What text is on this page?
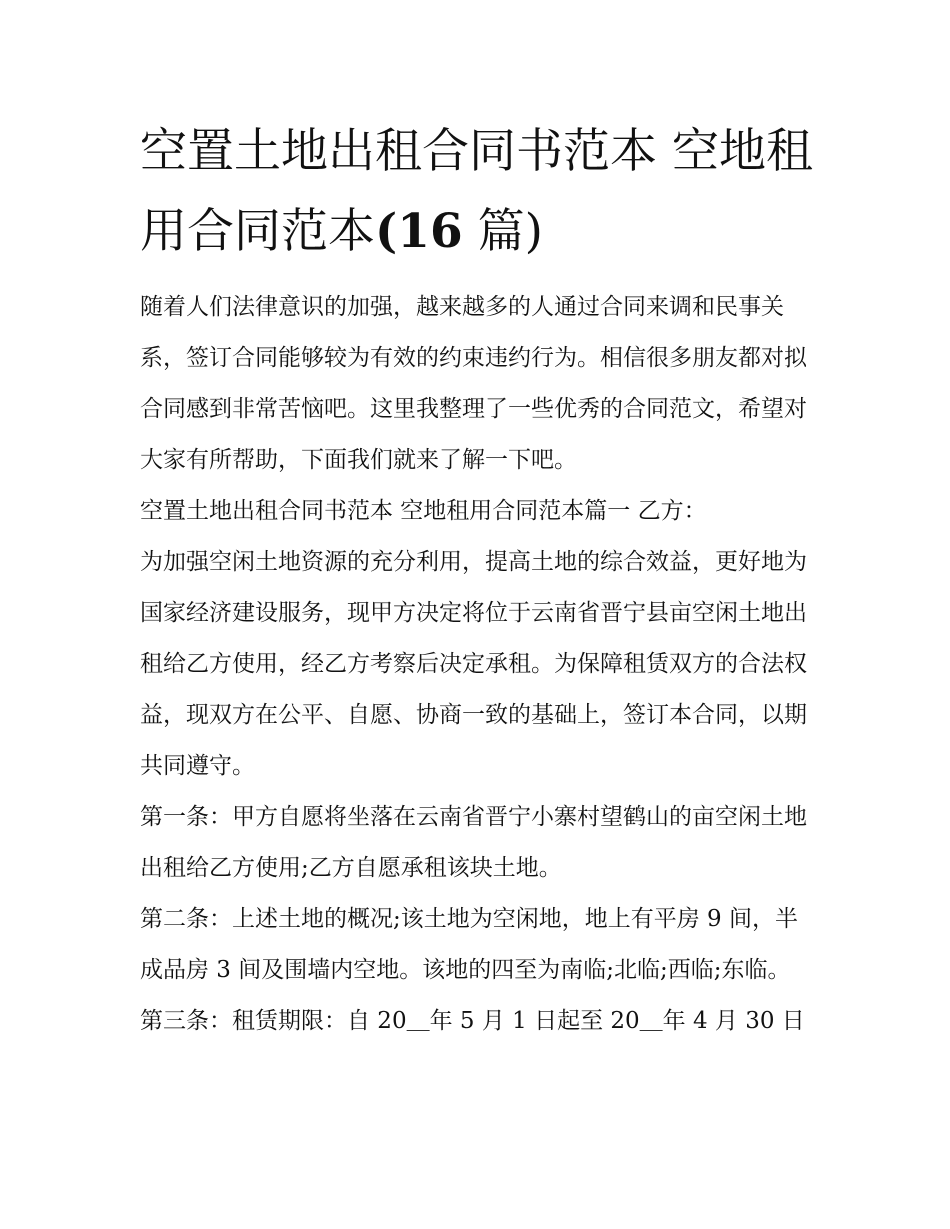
空置土地出租合同书范本 空地租用合同范本(16 篇)

随着人们法律意识的加强，越来越多的人通过合同来调和民事关系，签订合同能够较为有效的约束违约行为。相信很多朋友都对拟合同感到非常苦恼吧。这里我整理了一些优秀的合同范文，希望对大家有所帮助，下面我们就来了解一下吧。

空置土地出租合同书范本 空地租用合同范本篇一 乙方：

为加强空闲土地资源的充分利用，提高土地的综合效益，更好地为国家经济建设服务，现甲方决定将位于云南省晋宁县亩空闲土地出租给乙方使用，经乙方考察后决定承租。为保障租赁双方的合法权益，现双方在公平、自愿、协商一致的基础上，签订本合同，以期共同遵守。

第一条：甲方自愿将坐落在云南省晋宁小寨村望鹤山的亩空闲土地出租给乙方使用;乙方自愿承租该块土地。

第二条：上述土地的概况;该土地为空闲地，地上有平房 9 间，半成品房 3 间及围墙内空地。该地的四至为南临;北临;西临;东临。

第三条：租赁期限：自 20＿年 5 月 1 日起至 20＿年 4 月 30 日
